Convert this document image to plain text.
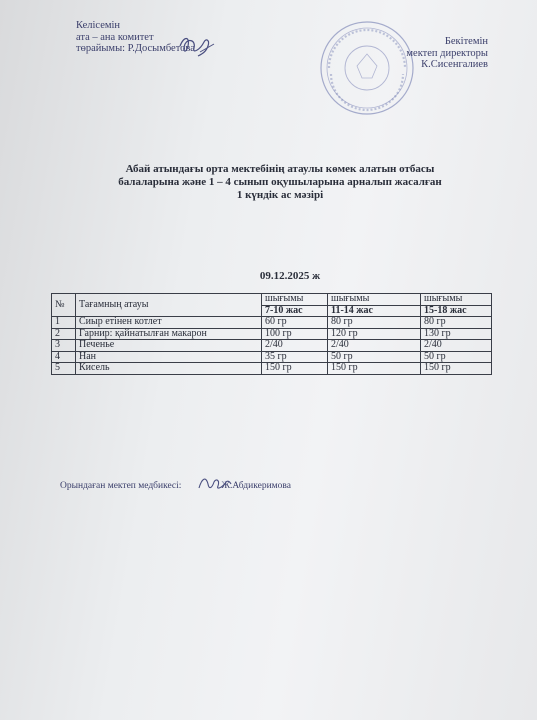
Келісемін
ата – ана комитет
төрайымы: Р.Досымбетова
Бекітемін
мектеп директоры
К.Сисенгалиев
Абай атындағы орта мектебінің атаулы көмек алатын отбасы
балаларына және 1 – 4 сынып оқушыларына арналып жасалған
1 күндік ас мәзірі
09.12.2025 ж
№	Тағамның атауы	шығымы	шығымы	шығымы
		7-10 жас	11-14 жас	15-18 жас
1	Сиыр етінен котлет	60 гр	80 гр	80 гр
2	Гарнир: қайнатылған макарон	100 гр	120 гр	130 гр
3	Печенье	2/40	2/40	2/40
4	Нан	35 гр	50 гр	50 гр
5	Кисель	150 гр	150 гр	150 гр
Орындаған мектеп медбикесі:	Ж.Абдикеримова
